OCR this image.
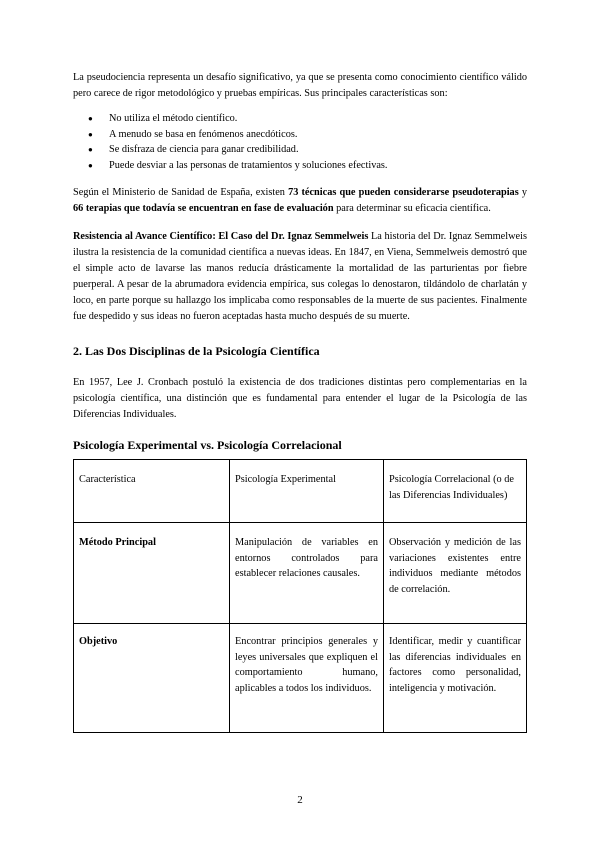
La pseudociencia representa un desafío significativo, ya que se presenta como conocimiento científico válido pero carece de rigor metodológico y pruebas empíricas. Sus principales características son:

● No utiliza el método científico.
● A menudo se basa en fenómenos anecdóticos.
● Se disfraza de ciencia para ganar credibilidad.
● Puede desviar a las personas de tratamientos y soluciones efectivas.

Según el Ministerio de Sanidad de España, existen 73 técnicas que pueden considerarse pseudoterapias y 66 terapias que todavía se encuentran en fase de evaluación para determinar su eficacia científica.

Resistencia al Avance Científico: El Caso del Dr. Ignaz Semmelweis La historia del Dr. Ignaz Semmelweis ilustra la resistencia de la comunidad científica a nuevas ideas. En 1847, en Viena, Semmelweis demostró que el simple acto de lavarse las manos reducía drásticamente la mortalidad de las parturientas por fiebre puerperal. A pesar de la abrumadora evidencia empírica, sus colegas lo denostaron, tildándolo de charlatán y loco, en parte porque su hallazgo los implicaba como responsables de la muerte de sus pacientes. Finalmente fue despedido y sus ideas no fueron aceptadas hasta mucho después de su muerte.

2. Las Dos Disciplinas de la Psicología Científica

En 1957, Lee J. Cronbach postuló la existencia de dos tradiciones distintas pero complementarias en la psicología científica, una distinción que es fundamental para entender el lugar de la Psicología de las Diferencias Individuales.

Psicología Experimental vs. Psicología Correlacional
Característica	Psicología Experimental	Psicología Correlacional (o de las Diferencias Individuales)
Método Principal	Manipulación de variables en entornos controlados para establecer relaciones causales.	Observación y medición de las variaciones existentes entre individuos mediante métodos de correlación.

Objetivo	Encontrar principios generales y leyes universales que expliquen el comportamiento humano, aplicables a todos los individuos.	Identificar, medir y cuantificar las diferencias individuales en factores como personalidad, inteligencia y motivación.
2
